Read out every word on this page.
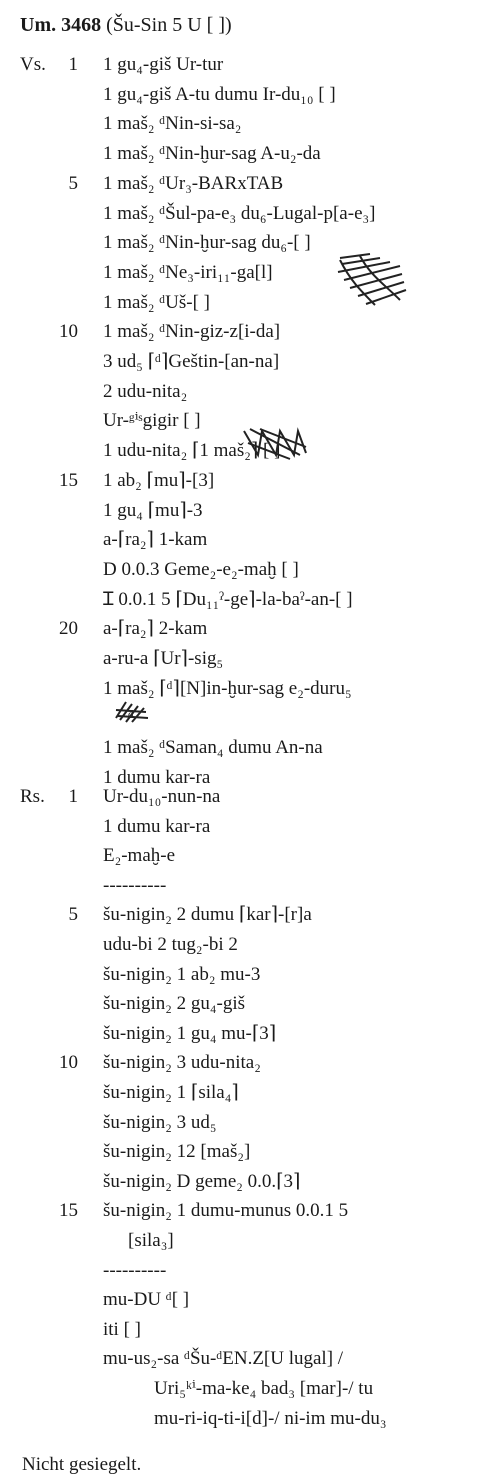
Um. 3468 (Šu-Sin 5 U [ ])
Vs.	1 1 gu₄-giš Ur-tur
1 gu₄-giš A-tu dumu Ir-du₁₀ [ ]
1 maš₂ ᵈNin-si-sa₂
1 maš₂ ᵈNin-ḫur-sag A-u₂-da
5 1 maš₂ ᵈUr₃-BARxTAB
1 maš₂ ᵈŠul-pa-e₃ du₆-Lugal-p[a-e₃]
1 maš₂ ᵈNin-ḫur-sag du₆-[ ]
1 maš₂ ᵈNe₃-iri₁₁-ga[l]
1 maš₂ ᵈUš-[ ]
10 1 maš₂ ᵈNin-giz-z[i-da]
3 ud₅ ⌈ᵈ⌉Geštin-[an-na]
2 udu-nita₂
Ur-ᵍⁱˢgigir [ ]
1 udu-nita₂ ⌈1 maš₂⌉ [ ]
15 1 ab₂ ⌈mu⌉-[3]
1 gu₄ ⌈mu⌉-3
a-⌈ra₂⌉ 1-kam
D 0.0.3 Geme₂-e₂-maḫ [ ]
Ɪ 0.0.1 5 ⌈Du₁₁ˀ-ge⌉-la-baˀ-an-[ ]
20 a-⌈ra₂⌉ 2-kam
a-ru-a ⌈Ur⌉-sig₅
1 maš₂ ⌈ᵈ⌉[N]in-ḫur-sag e₂-duru₅
ᵈ
1 maš₂ ᵈSaman₄ dumu An-na
1 dumu kar-ra
Rs.	1 Ur-du₁₀-nun-na
1 dumu kar-ra
E₂-maḫ-e
----------
5 šu-nigin₂ 2 dumu ⌈kar⌉-[r]a
udu-bi 2 tug₂-bi 2
šu-nigin₂ 1 ab₂ mu-3
šu-nigin₂ 2 gu₄-giš
šu-nigin₂ 1 gu₄ mu-⌈3⌉
10 šu-nigin₂ 3 udu-nita₂
šu-nigin₂ 1 ⌈sila₄⌉
šu-nigin₂ 3 ud₅
šu-nigin₂ 12 [maš₂]
šu-nigin₂ D geme₂ 0.0.⌈3⌉
15 šu-nigin₂ 1 dumu-munus 0.0.1 5
[sila₃]
----------
mu-DU ᵈ[ ]
iti [ ]
mu-us₂-sa ᵈŠu-ᵈEN.Z[U lugal] /
Uri₅ᵏⁱ-ma-ke₄ bad₃ [mar]-/ tu
mu-ri-iq-ti-i[d]-/ ni-im mu-du₃
Nicht gesiegelt.
